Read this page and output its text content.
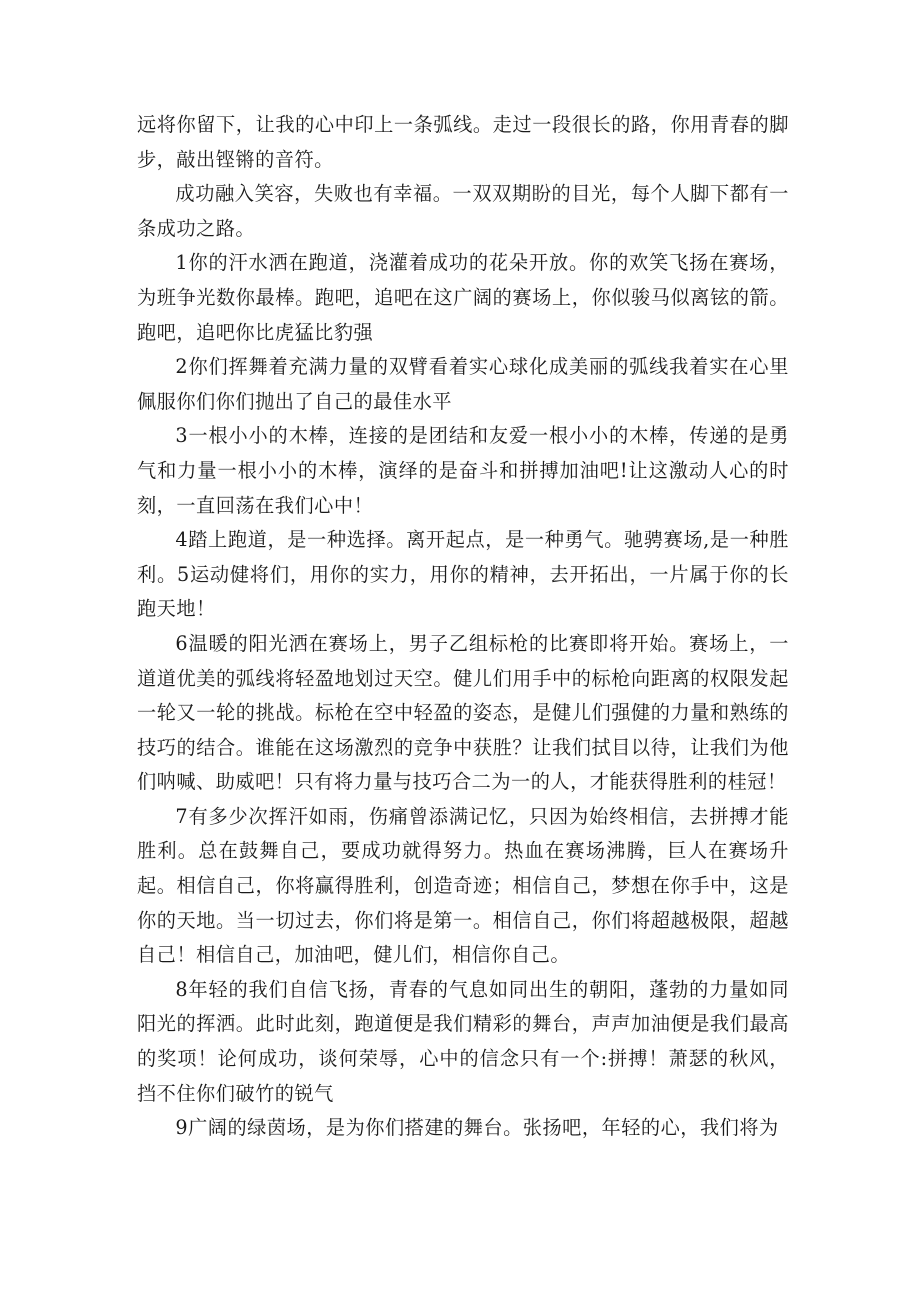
远将你留下，让我的心中印上一条弧线。走过一段很长的路，你用青春的脚步，敲出铿锵的音符。

成功融入笑容，失败也有幸福。一双双期盼的目光，每个人脚下都有一条成功之路。

1你的汗水洒在跑道，浇灌着成功的花朵开放。你的欢笑飞扬在赛场，为班争光数你最棒。跑吧，追吧在这广阔的赛场上，你似骏马似离铉的箭。跑吧，追吧你比虎猛比豹强

2你们挥舞着充满力量的双臂看着实心球化成美丽的弧线我着实在心里佩服你们你们抛出了自己的最佳水平

3一根小小的木棒，连接的是团结和友爱一根小小的木棒，传递的是勇气和力量一根小小的木棒，演绎的是奋斗和拼搏加油吧!让这激动人心的时刻，一直回荡在我们心中！

4踏上跑道，是一种选择。离开起点，是一种勇气。驰骋赛场,是一种胜利。5运动健将们，用你的实力，用你的精神，去开拓出，一片属于你的长跑天地！

6温暖的阳光洒在赛场上，男子乙组标枪的比赛即将开始。赛场上，一道道优美的弧线将轻盈地划过天空。健儿们用手中的标枪向距离的权限发起一轮又一轮的挑战。标枪在空中轻盈的姿态，是健儿们强健的力量和熟练的技巧的结合。谁能在这场激烈的竞争中获胜？让我们拭目以待，让我们为他们呐喊、助威吧！只有将力量与技巧合二为一的人，才能获得胜利的桂冠！

7有多少次挥汗如雨，伤痛曾添满记忆，只因为始终相信，去拼搏才能胜利。总在鼓舞自己，要成功就得努力。热血在赛场沸腾，巨人在赛场升起。相信自己，你将赢得胜利，创造奇迹；相信自己，梦想在你手中，这是你的天地。当一切过去，你们将是第一。相信自己，你们将超越极限，超越自己！相信自己，加油吧，健儿们，相信你自己。

8年轻的我们自信飞扬，青春的气息如同出生的朝阳，蓬勃的力量如同阳光的挥洒。此时此刻，跑道便是我们精彩的舞台，声声加油便是我们最高的奖项！论何成功，谈何荣辱，心中的信念只有一个:拼搏！萧瑟的秋风，挡不住你们破竹的锐气

9广阔的绿茵场，是为你们搭建的舞台。张扬吧，年轻的心，我们将为
